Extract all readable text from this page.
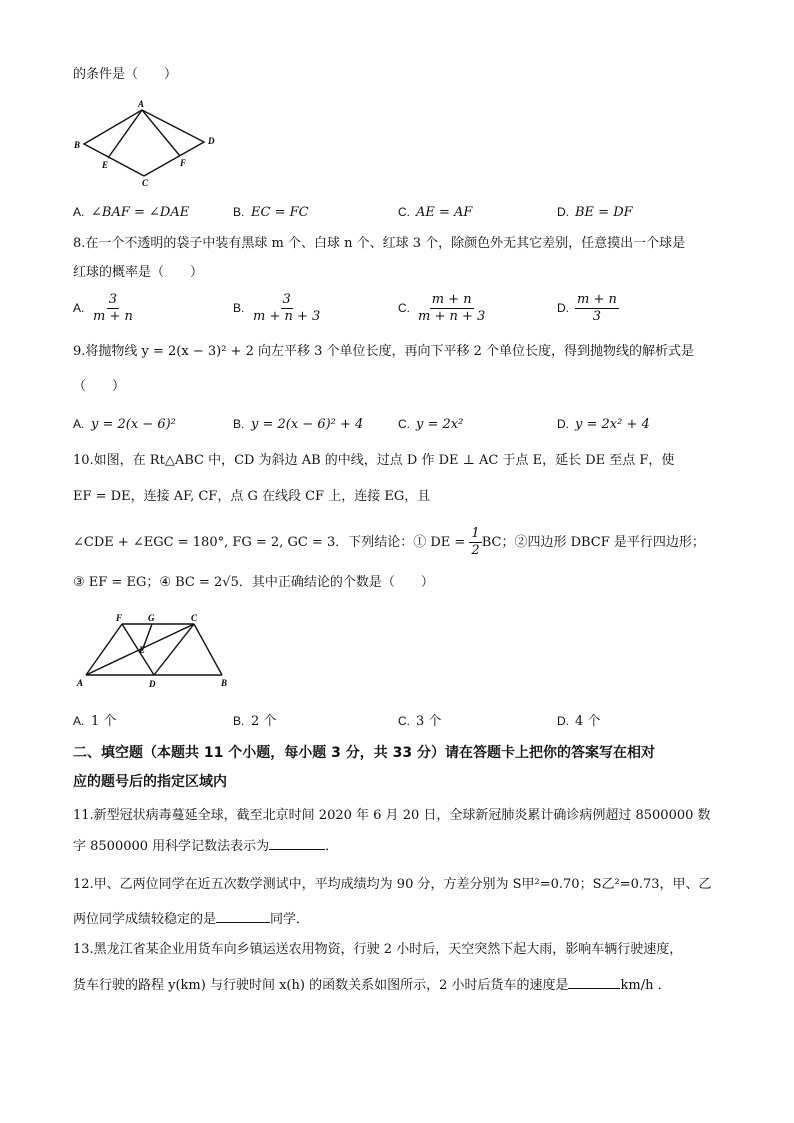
的条件是（　　）
A
B
E	F
D
C
A. ∠BAF = ∠DAE	B. EC = FC	C. AE = AF	D. BE = DF
8.在一个不透明的袋子中装有黑球 m 个、白球 n 个、红球 3 个，除颜色外无其它差别，任意摸出一个球是
红球的概率是（　　）
A. $\frac{3}{m + n}$	B. $\frac{3}{m + n + 3}$	C. $\frac{m + n}{m + n + 3}$	D. $\frac{m + n}{3}$
9.将抛物线 y = 2(x − 3)² + 2 向左平移 3 个单位长度，再向下平移 2 个单位长度，得到抛物线的解析式是
（　　）
A. y = 2(x − 6)²	B. y = 2(x − 6)² + 4	C. y = 2x²	D. y = 2x² + 4
10.如图，在 Rt△ABC 中，CD 为斜边 AB 的中线，过点 D 作 DE ⊥ AC 于点 E，延长 DE 至点 F，使
EF = DE，连接 AF, CF，点 G 在线段 CF 上，连接 EG，且
∠CDE + ∠EGC = 180°, FG = 2, GC = 3．下列结论：① DE = $\frac{1}{2}$ BC；②四边形 DBCF 是平行四边形；
③ EF = EG；④ BC = 2√5．其中正确结论的个数是（　　）
F	G	C
E
A	D	B
A. 1 个	B. 2 个	C. 3 个	D. 4 个
二、填空题（本题共 11 个小题，每小题 3 分，共 33 分）请在答题卡上把你的答案写在相对
应的题号后的指定区域内
11.新型冠状病毒蔓延全球，截至北京时间 2020 年 6 月 20 日，全球新冠肺炎累计确诊病例超过 8500000 数
字 8500000 用科学记数法表示为	．
12.甲、乙两位同学在近五次数学测试中，平均成绩均为 90 分，方差分别为 S甲²=0.70；S乙²=0.73，甲、乙
两位同学成绩较稳定的是	同学．
13.黑龙江省某企业用货车向乡镇运送农用物资，行驶 2 小时后，天空突然下起大雨，影响车辆行驶速度，
货车行驶的路程 y(km) 与行驶时间 x(h) 的函数关系如图所示，2 小时后货车的速度是	km/h ．
